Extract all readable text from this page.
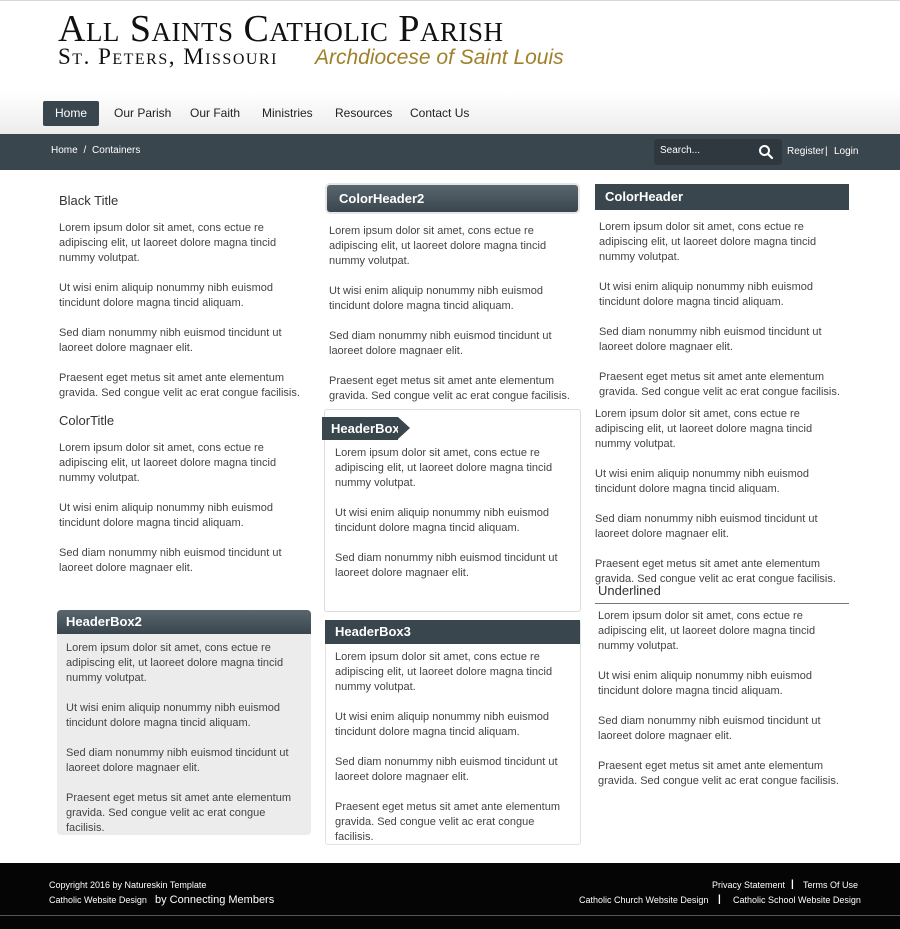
All Saints Catholic Parish
St. Peters, Missouri Archdiocese of Saint Louis
Home	Our Parish	Our Faith	Ministries	Resources	Contact Us
Home / Containers	Search...	Register | Login
Black Title

Lorem ipsum dolor sit amet, cons ectue re adipiscing elit, ut laoreet dolore magna tincid nummy volutpat.

Ut wisi enim aliquip nonummy nibh euismod tincidunt dolore magna tincid aliquam.

Sed diam nonummy nibh euismod tincidunt ut laoreet dolore magnaer elit.

Praesent eget metus sit amet ante elementum gravida. Sed congue velit ac erat congue facilisis.

ColorTitle

Lorem ipsum dolor sit amet, cons ectue re adipiscing elit, ut laoreet dolore magna tincid nummy volutpat.

Ut wisi enim aliquip nonummy nibh euismod tincidunt dolore magna tincid aliquam.

Sed diam nonummy nibh euismod tincidunt ut laoreet dolore magnaer elit.

HeaderBox2

Lorem ipsum dolor sit amet, cons ectue re adipiscing elit, ut laoreet dolore magna tincid nummy volutpat.

Ut wisi enim aliquip nonummy nibh euismod tincidunt dolore magna tincid aliquam.

Sed diam nonummy nibh euismod tincidunt ut laoreet dolore magnaer elit.

Praesent eget metus sit amet ante elementum gravida. Sed congue velit ac erat congue facilisis.

ColorHeader2

Lorem ipsum dolor sit amet, cons ectue re adipiscing elit, ut laoreet dolore magna tincid nummy volutpat.

Ut wisi enim aliquip nonummy nibh euismod tincidunt dolore magna tincid aliquam.

Sed diam nonummy nibh euismod tincidunt ut laoreet dolore magnaer elit.

Praesent eget metus sit amet ante elementum gravida. Sed congue velit ac erat congue facilisis.

HeaderBox

Lorem ipsum dolor sit amet, cons ectue re adipiscing elit, ut laoreet dolore magna tincid nummy volutpat.

Ut wisi enim aliquip nonummy nibh euismod tincidunt dolore magna tincid aliquam.

Sed diam nonummy nibh euismod tincidunt ut laoreet dolore magnaer elit.

HeaderBox3

Lorem ipsum dolor sit amet, cons ectue re adipiscing elit, ut laoreet dolore magna tincid nummy volutpat.

Ut wisi enim aliquip nonummy nibh euismod tincidunt dolore magna tincid aliquam.

Sed diam nonummy nibh euismod tincidunt ut laoreet dolore magnaer elit.

Praesent eget metus sit amet ante elementum gravida. Sed congue velit ac erat congue facilisis.

ColorHeader

Lorem ipsum dolor sit amet, cons ectue re adipiscing elit, ut laoreet dolore magna tincid nummy volutpat.

Ut wisi enim aliquip nonummy nibh euismod tincidunt dolore magna tincid aliquam.

Sed diam nonummy nibh euismod tincidunt ut laoreet dolore magnaer elit.

Praesent eget metus sit amet ante elementum gravida. Sed congue velit ac erat congue facilisis.

Lorem ipsum dolor sit amet, cons ectue re adipiscing elit, ut laoreet dolore magna tincid nummy volutpat.

Ut wisi enim aliquip nonummy nibh euismod tincidunt dolore magna tincid aliquam.

Sed diam nonummy nibh euismod tincidunt ut laoreet dolore magnaer elit.

Praesent eget metus sit amet ante elementum gravida. Sed congue velit ac erat congue facilisis.

Underlined

Lorem ipsum dolor sit amet, cons ectue re adipiscing elit, ut laoreet dolore magna tincid nummy volutpat.

Ut wisi enim aliquip nonummy nibh euismod tincidunt dolore magna tincid aliquam.

Sed diam nonummy nibh euismod tincidunt ut laoreet dolore magnaer elit.

Praesent eget metus sit amet ante elementum gravida. Sed congue velit ac erat congue facilisis.

Copyright 2016 by Natureskin Template
Catholic Website Design by Connecting Members
Privacy Statement | Terms Of Use
Catholic Church Website Design | Catholic School Website Design
